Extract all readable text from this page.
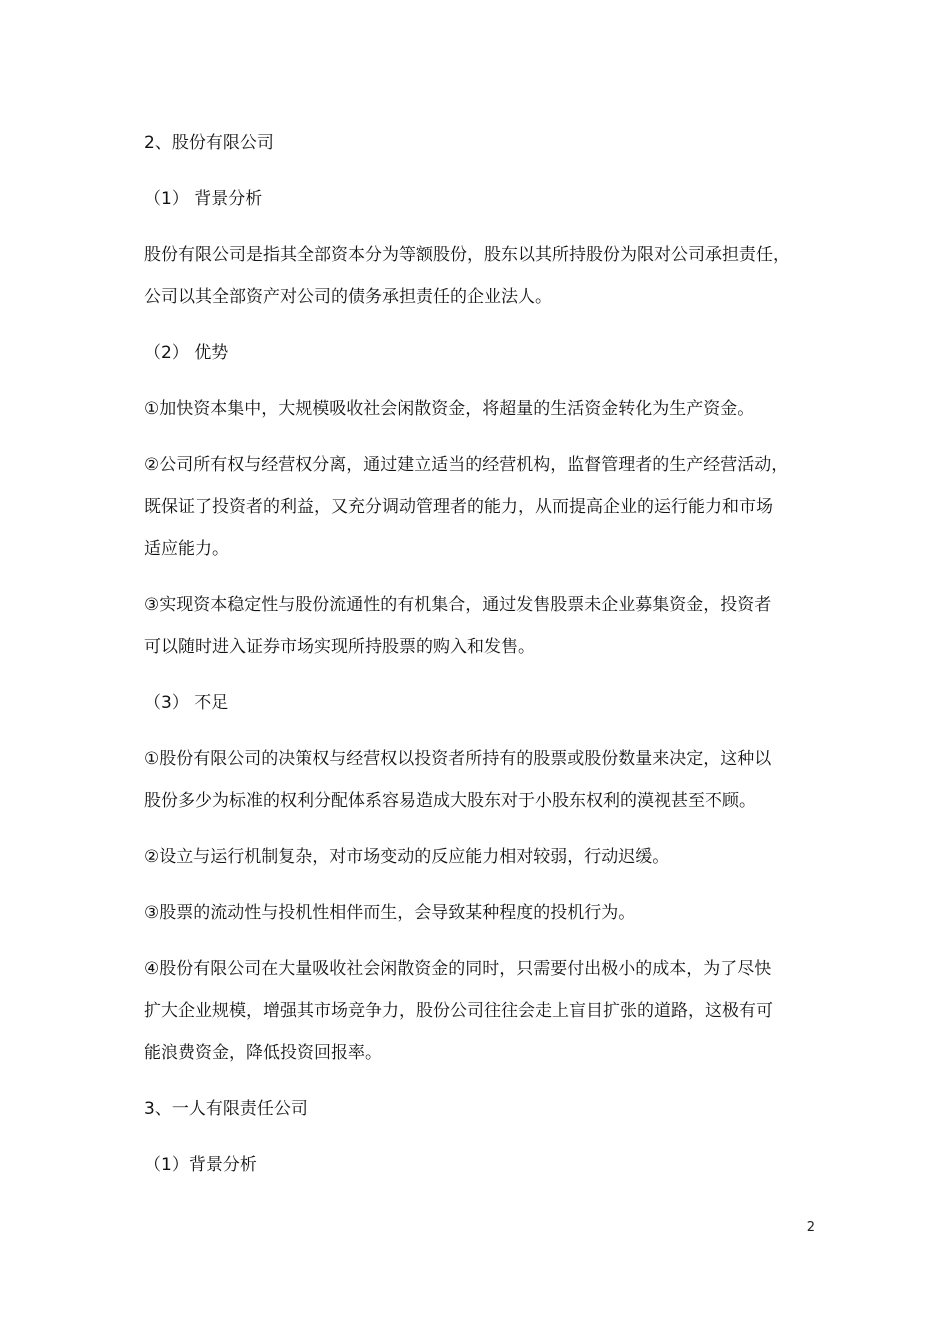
2、股份有限公司

（1） 背景分析

股份有限公司是指其全部资本分为等额股份，股东以其所持股份为限对公司承担责任，
公司以其全部资产对公司的债务承担责任的企业法人。

（2） 优势

①加快资本集中，大规模吸收社会闲散资金，将超量的生活资金转化为生产资金。

②公司所有权与经营权分离，通过建立适当的经营机构，监督管理者的生产经营活动，
既保证了投资者的利益，又充分调动管理者的能力，从而提高企业的运行能力和市场
适应能力。

③实现资本稳定性与股份流通性的有机集合，通过发售股票未企业募集资金，投资者
可以随时进入证券市场实现所持股票的购入和发售。

（3） 不足

①股份有限公司的决策权与经营权以投资者所持有的股票或股份数量来决定，这种以
股份多少为标准的权利分配体系容易造成大股东对于小股东权利的漠视甚至不顾。

②设立与运行机制复杂，对市场变动的反应能力相对较弱，行动迟缓。

③股票的流动性与投机性相伴而生，会导致某种程度的投机行为。

④股份有限公司在大量吸收社会闲散资金的同时，只需要付出极小的成本，为了尽快
扩大企业规模，增强其市场竞争力，股份公司往往会走上盲目扩张的道路，这极有可
能浪费资金，降低投资回报率。

3、一人有限责任公司

（1）背景分析

2
